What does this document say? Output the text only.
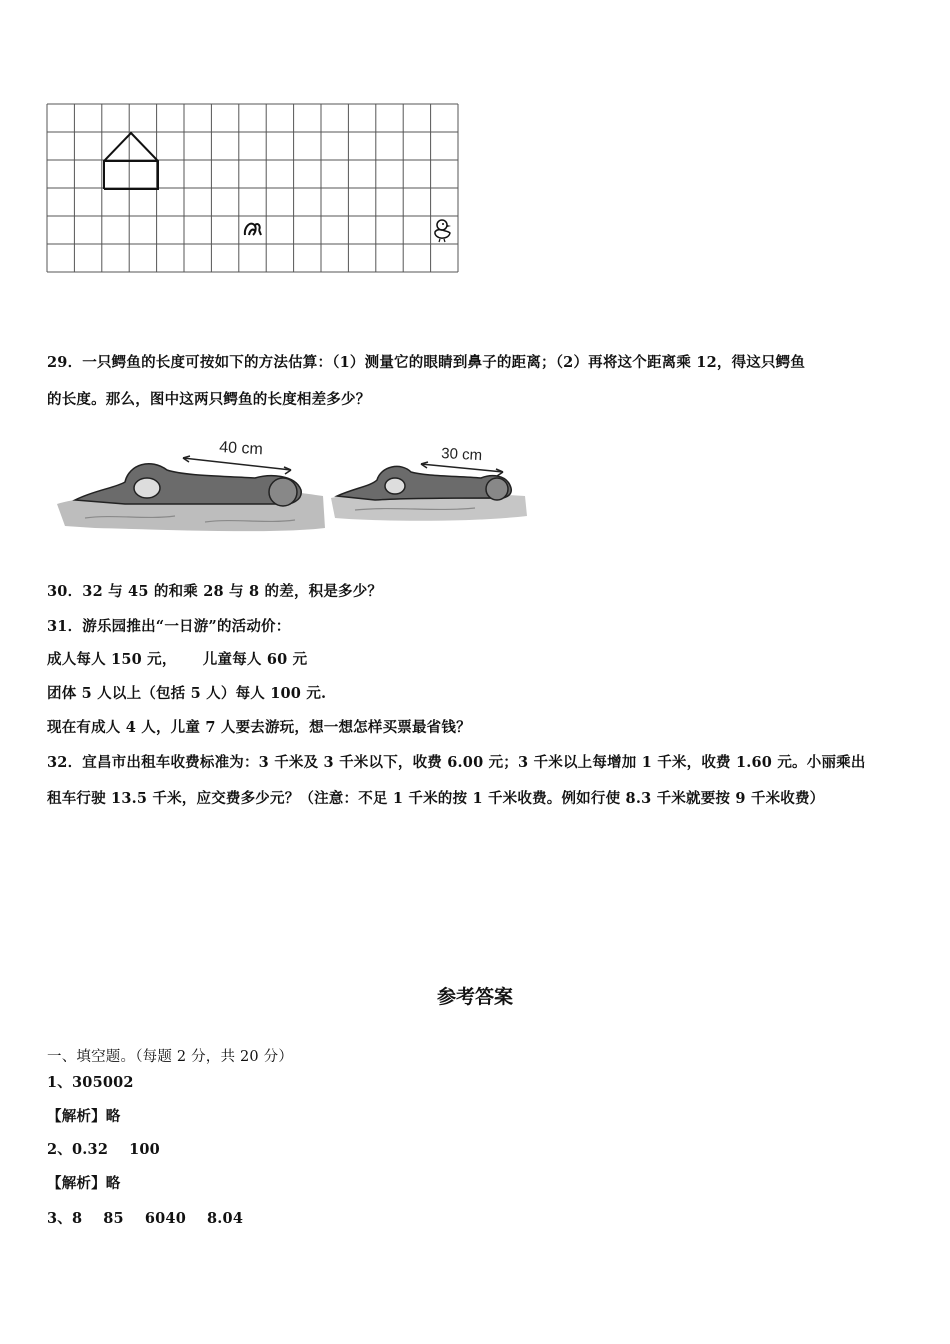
29．一只鳄鱼的长度可按如下的方法估算：（1）测量它的眼睛到鼻子的距离；（2）再将这个距离乘 12，得这只鳄鱼
的长度。那么，图中这两只鳄鱼的长度相差多少？
40 cm	30 cm
30．32 与 45 的和乘 28 与 8 的差，积是多少？
31．游乐园推出“一日游”的活动价：
成人每人 150 元，     儿童每人 60 元
团体 5 人以上（包括 5 人）每人 100 元.
现在有成人 4 人，儿童 7 人要去游玩，想一想怎样买票最省钱？
32．宜昌市出租车收费标准为：3 千米及 3 千米以下，收费 6.00 元；3 千米以上每增加 1 千米，收费 1.60 元。小丽乘出
租车行驶 13.5 千米，应交费多少元？（注意：不足 1 千米的按 1 千米收费。例如行使 8.3 千米就要按 9 千米收费）
参考答案
一、填空题。（每题 2 分，共 20 分）
1、305002
【解析】略
2、0.32    100
【解析】略
3、8    85    6040    8.04
